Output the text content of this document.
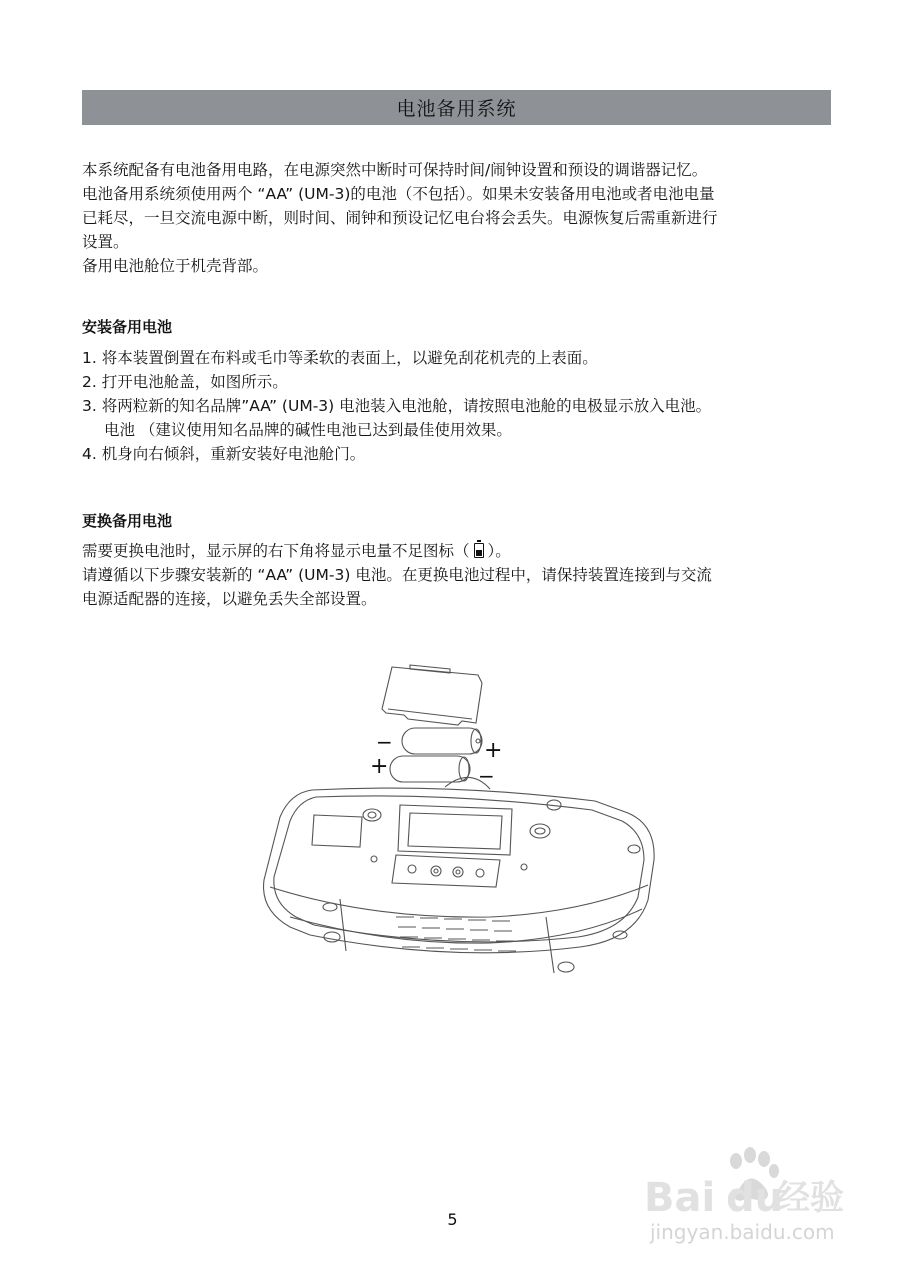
电池备用系统

本系统配备有电池备用电路，在电源突然中断时可保持时间/闹钟设置和预设的调谐器记忆。

电池备用系统须使用两个 “AA” (UM-3)的电池（不包括）。如果未安装备用电池或者电池电量

已耗尽，一旦交流电源中断，则时间、闹钟和预设记忆电台将会丢失。电源恢复后需重新进行

设置。

备用电池舱位于机壳背部。

安装备用电池
1. 将本装置倒置在布料或毛巾等柔软的表面上，以避免刮花机壳的上表面。
2. 打开电池舱盖，如图所示。
3. 将两粒新的知名品牌”AA” (UM-3) 电池装入电池舱，请按照电池舱的电极显示放入电池。
电池 （建议使用知名品牌的碱性电池已达到最佳使用效果。
4. 机身向右倾斜，重新安装好电池舱门。
更换备用电池

需要更换电池时，显示屏的右下角将显示电量不足图标（ ）。

请遵循以下步骤安装新的 “AA” (UM-3) 电池。在更换电池过程中，请保持装置连接到与交流

电源适配器的连接，以避免丢失全部设置。

−	+
+	−
5	Bai du
经验
jingyan.baidu.com
